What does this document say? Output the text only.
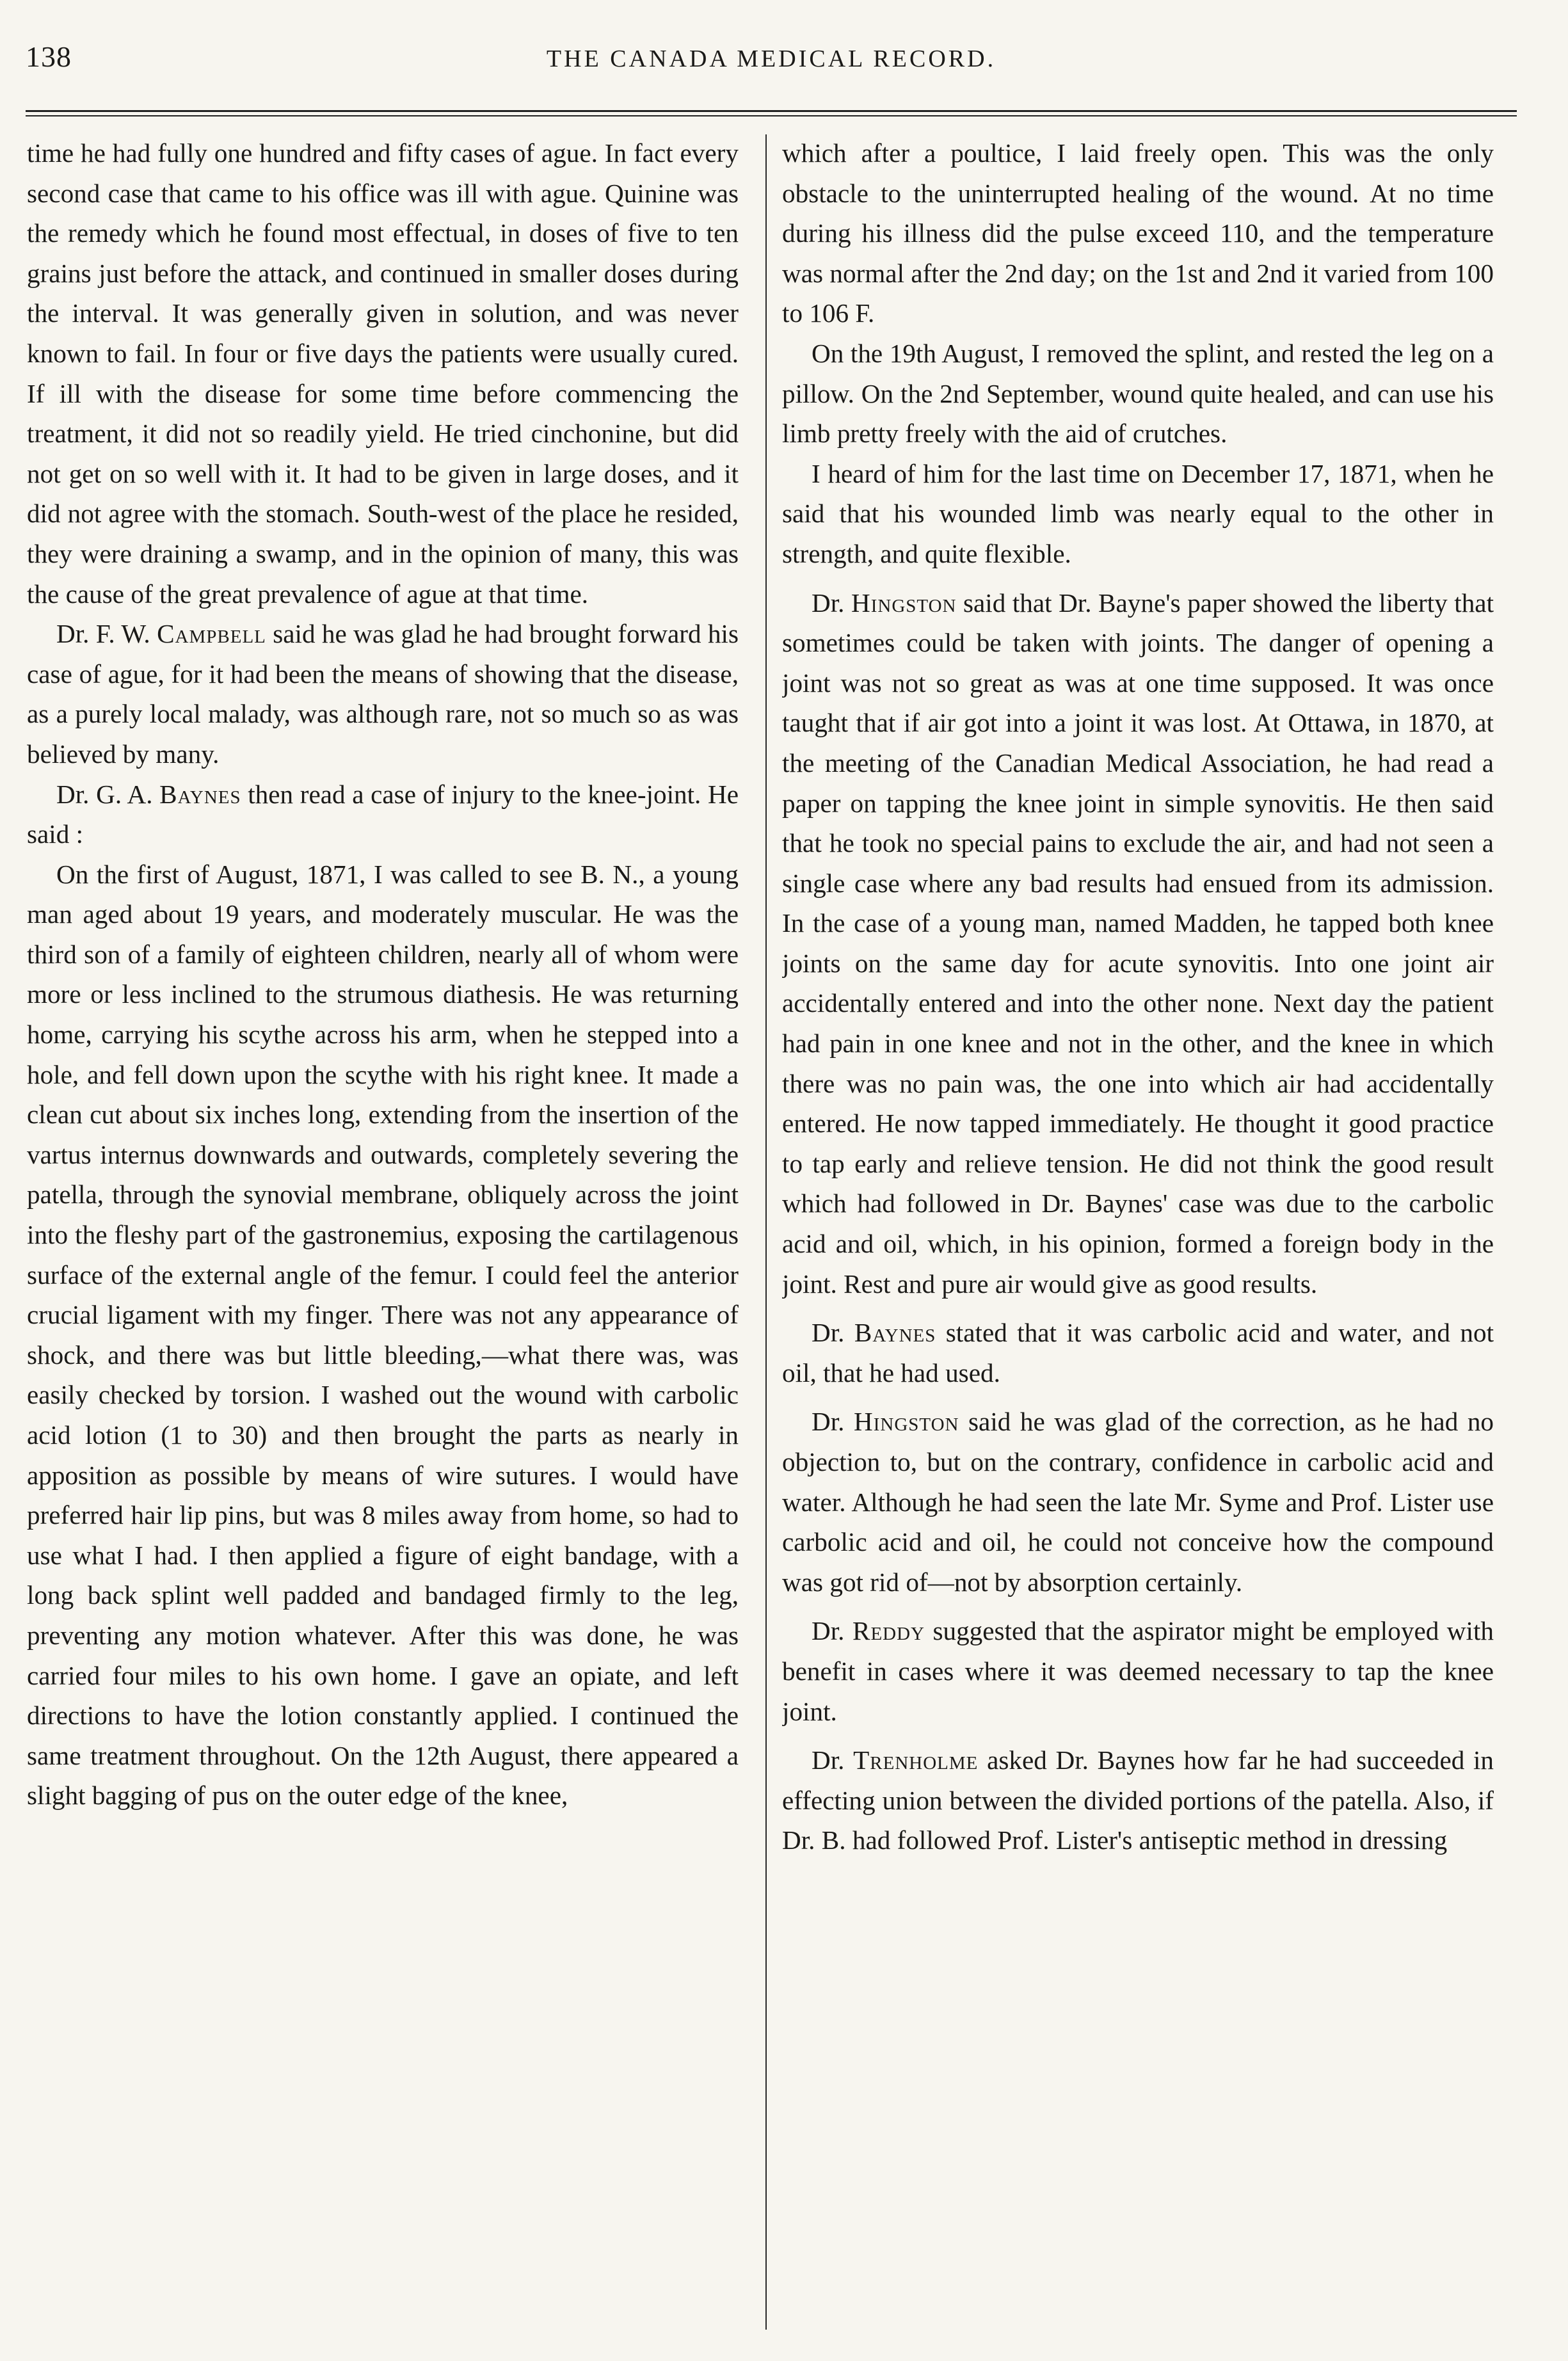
138	THE CANADA MEDICAL RECORD.

time he had fully one hundred and fifty cases of ague. In fact every second case that came to his office was ill with ague. Quinine was the remedy which he found most effectual, in doses of five to ten grains just before the attack, and continued in smaller doses during the interval. It was generally given in solution, and was never known to fail. In four or five days the patients were usually cured. If ill with the disease for some time before commencing the treatment, it did not so readily yield. He tried cinchonine, but did not get on so well with it. It had to be given in large doses, and it did not agree with the stomach. South-west of the place he resided, they were draining a swamp, and in the opinion of many, this was the cause of the great prevalence of ague at that time.

Dr. F. W. Campbell said he was glad he had brought forward his case of ague, for it had been the means of showing that the disease, as a purely local malady, was although rare, not so much so as was believed by many.

Dr. G. A. Baynes then read a case of injury to the knee-joint. He said :

On the first of August, 1871, I was called to see B. N., a young man aged about 19 years, and moderately muscular. He was the third son of a family of eighteen children, nearly all of whom were more or less inclined to the strumous diathesis. He was returning home, carrying his scythe across his arm, when he stepped into a hole, and fell down upon the scythe with his right knee. It made a clean cut about six inches long, extending from the insertion of the vartus internus downwards and outwards, completely severing the patella, through the synovial membrane, obliquely across the joint into the fleshy part of the gastronemius, exposing the cartilagenous surface of the external angle of the femur. I could feel the anterior crucial ligament with my finger. There was not any appearance of shock, and there was but little bleeding,—what there was, was easily checked by torsion. I washed out the wound with carbolic acid lotion (1 to 30) and then brought the parts as nearly in apposition as possible by means of wire sutures. I would have preferred hair lip pins, but was 8 miles away from home, so had to use what I had. I then applied a figure of eight bandage, with a long back splint well padded and bandaged firmly to the leg, preventing any motion whatever. After this was done, he was carried four miles to his own home. I gave an opiate, and left directions to have the lotion constantly applied. I continued the same treatment throughout. On the 12th August, there appeared a slight bagging of pus on the outer edge of the knee,

which after a poultice, I laid freely open. This was the only obstacle to the uninterrupted healing of the wound. At no time during his illness did the pulse exceed 110, and the temperature was normal after the 2nd day; on the 1st and 2nd it varied from 100 to 106 F.

On the 19th August, I removed the splint, and rested the leg on a pillow. On the 2nd September, wound quite healed, and can use his limb pretty freely with the aid of crutches.

I heard of him for the last time on December 17, 1871, when he said that his wounded limb was nearly equal to the other in strength, and quite flexible.

Dr. Hingston said that Dr. Bayne's paper showed the liberty that sometimes could be taken with joints. The danger of opening a joint was not so great as was at one time supposed. It was once taught that if air got into a joint it was lost. At Ottawa, in 1870, at the meeting of the Canadian Medical Association, he had read a paper on tapping the knee joint in simple synovitis. He then said that he took no special pains to exclude the air, and had not seen a single case where any bad results had ensued from its admission. In the case of a young man, named Madden, he tapped both knee joints on the same day for acute synovitis. Into one joint air accidentally entered and into the other none. Next day the patient had pain in one knee and not in the other, and the knee in which there was no pain was, the one into which air had accidentally entered. He now tapped immediately. He thought it good practice to tap early and relieve tension. He did not think the good result which had followed in Dr. Baynes' case was due to the carbolic acid and oil, which, in his opinion, formed a foreign body in the joint. Rest and pure air would give as good results.

Dr. Baynes stated that it was carbolic acid and water, and not oil, that he had used.

Dr. Hingston said he was glad of the correction, as he had no objection to, but on the contrary, confidence in carbolic acid and water. Although he had seen the late Mr. Syme and Prof. Lister use carbolic acid and oil, he could not conceive how the compound was got rid of—not by absorption certainly.

Dr. Reddy suggested that the aspirator might be employed with benefit in cases where it was deemed necessary to tap the knee joint.

Dr. Trenholme asked Dr. Baynes how far he had succeeded in effecting union between the divided portions of the patella. Also, if Dr. B. had followed Prof. Lister's antiseptic method in dressing
